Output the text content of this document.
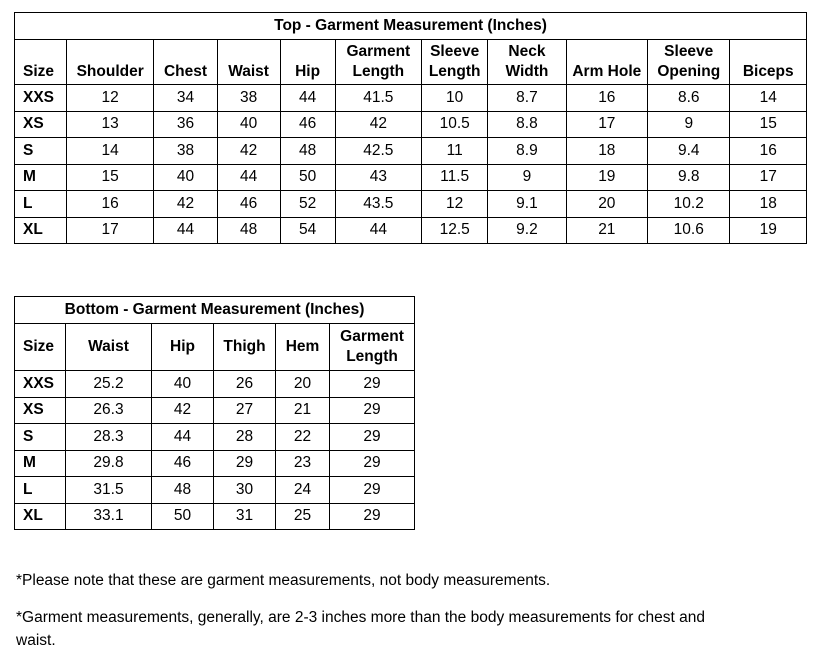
Top - Garment Measurement (Inches)										
Size	Shoulder	Chest	Waist	Hip	Garment Length	Sleeve Length	Neck Width	Arm Hole	Sleeve Opening	Biceps
XXS	12	34	38	44	41.5	10	8.7	16	8.6	14
XS	13	36	40	46	42	10.5	8.8	17	9	15
S	14	38	42	48	42.5	11	8.9	18	9.4	16
M	15	40	44	50	43	11.5	9	19	9.8	17
L	16	42	46	52	43.5	12	9.1	20	10.2	18
XL	17	44	48	54	44	12.5	9.2	21	10.6	19
Bottom - Garment Measurement (Inches)					
Size	Waist	Hip	Thigh	Hem	Garment Length
XXS	25.2	40	26	20	29
XS	26.3	42	27	21	29
S	28.3	44	28	22	29
M	29.8	46	29	23	29
L	31.5	48	30	24	29
XL	33.1	50	31	25	29
*Please note that these are garment measurements, not body measurements.
*Garment measurements, generally, are 2-3 inches more than the body measurements for chest and waist.
